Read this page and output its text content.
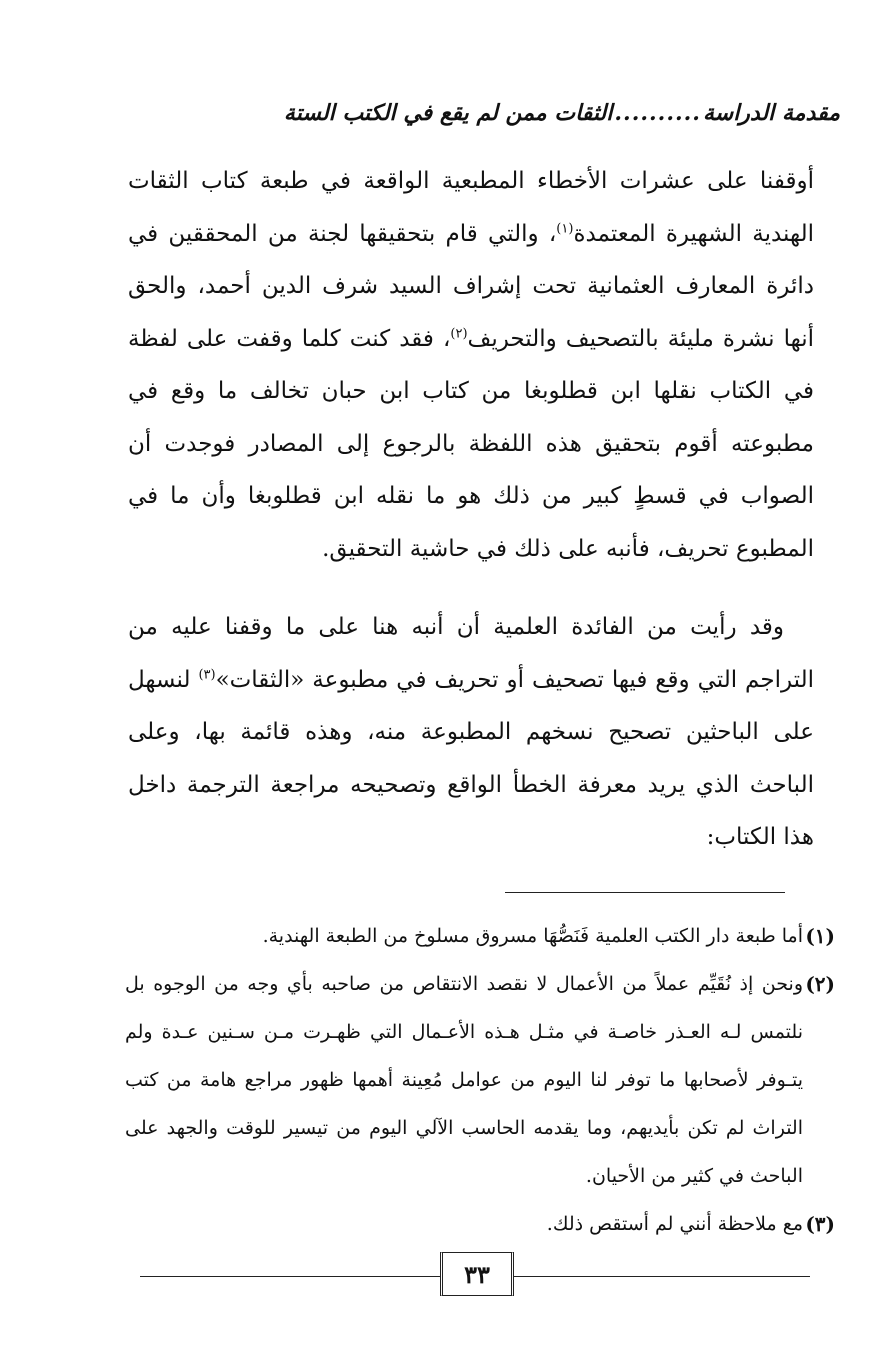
مقدمة الدراسة
..........
الثقات ممن لم يقع في الكتب الستة

أوقفنا على عشرات الأخطاء المطبعية الواقعة في طبعة كتاب الثقات الهندية الشهيرة المعتمدة$^{(١)}$، والتي قام بتحقيقها لجنة من المحققين في دائرة المعارف العثمانية تحت إشراف السيد شرف الدين أحمد، والحق أنها نشرة مليئة بالتصحيف والتحريف$^{(٢)}$، فقد كنت كلما وقفت على لفظة في الكتاب نقلها ابن قطلوبغا من كتاب ابن حبان تخالف ما وقع في مطبوعته أقوم بتحقيق هذه اللفظة بالرجوع إلى المصادر فوجدت أن الصواب في قسطٍ كبير من ذلك هو ما نقله ابن قطلوبغا وأن ما في المطبوع تحريف، فأنبه على ذلك في حاشية التحقيق.

وقد رأيت من الفائدة العلمية أن أنبه هنا على ما وقفنا عليه من التراجم التي وقع فيها تصحيف أو تحريف في مطبوعة «الثقات»$^{(٣)}$ لنسهل على الباحثين تصحيح نسخهم المطبوعة منه، وهذه قائمة بها، وعلى الباحث الذي يريد معرفة الخطأ الواقع وتصحيحه مراجعة الترجمة داخل هذا الكتاب:

(١)
أما طبعة دار الكتب العلمية فَنَصُّهَا مسروق مسلوخ من الطبعة الهندية.
(٢)
ونحن إذ نُقَيِّم عملاً من الأعمال لا نقصد الانتقاص من صاحبه بأي وجه من الوجوه بل نلتمس لـه العـذر خاصـة في مثـل هـذه الأعـمال التي ظهـرت مـن سـنين عـدة ولم يتـوفر لأصحابها ما توفر لنا اليوم من عوامل مُعِينة أهمها ظهور مراجع هامة من كتب التراث لم تكن بأيديهم، وما يقدمه الحاسب الآلي اليوم من تيسير للوقت والجهد على الباحث في كثير من الأحيان.
(٣)
مع ملاحظة أنني لم أستقص ذلك.
٣٣
